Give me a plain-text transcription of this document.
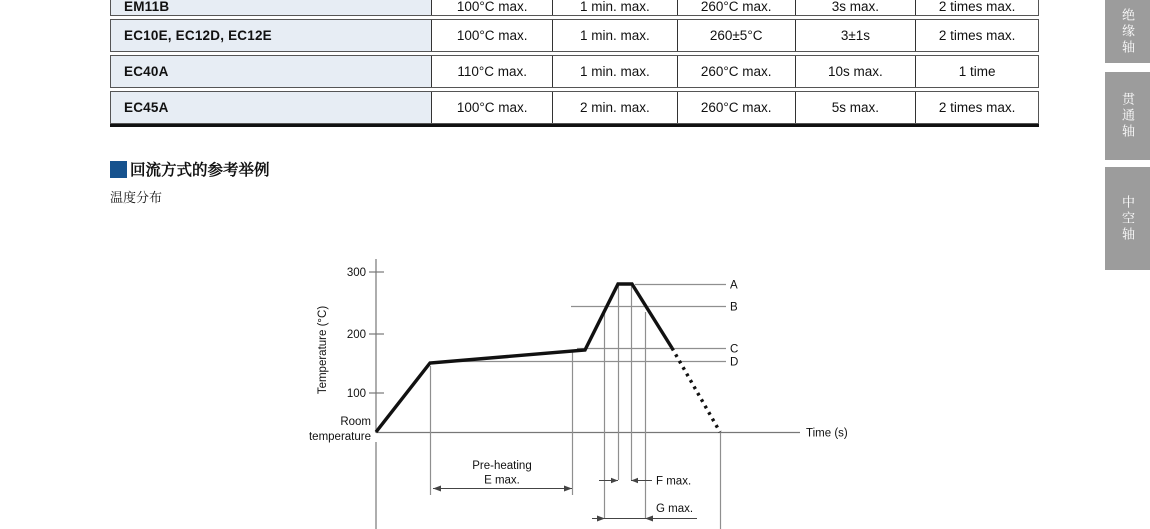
EM11B	100°C max.	1 min. max.	260°C max.	3s max.	2 times max.
EC10E, EC12D, EC12E	100°C max.	1 min. max.	260±5°C	3±1s	2 times max.
EC40A	110°C max.	1 min. max.	260°C max.	10s max.	1 time
EC45A	100°C max.	2 min. max.	260°C max.	5s max.	2 times max.
回流方式的参考举例
温度分布
300
200
100
Temperature (°C)
Room
temperature	Time (s)
A
B
C
D
Pre-heating
E max.	F max.
G max.
绝缘轴
贯通轴
中空轴
